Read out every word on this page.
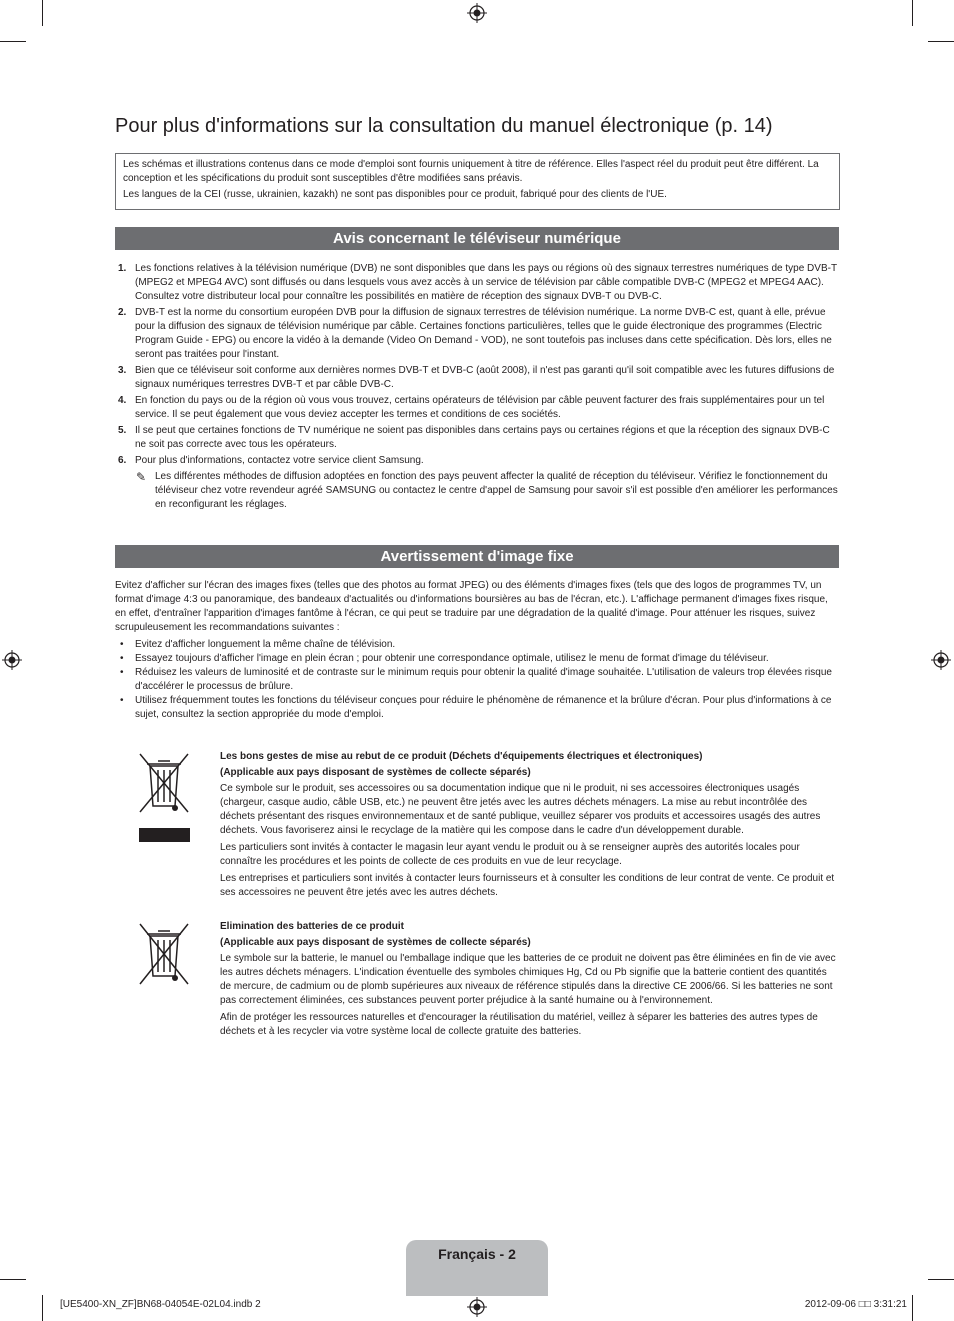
Pour plus d'informations sur la consultation du manuel électronique (p. 14)

Les schémas et illustrations contenus dans ce mode d'emploi sont fournis uniquement à titre de référence. Elles l'aspect réel du produit peut être différent. La conception et les spécifications du produit sont susceptibles d'être modifiées sans préavis.

Les langues de la CEI (russe, ukrainien, kazakh) ne sont pas disponibles pour ce produit, fabriqué pour des clients de l'UE.

Avis concernant le téléviseur numérique
1. Les fonctions relatives à la télévision numérique (DVB) ne sont disponibles que dans les pays ou régions où des signaux terrestres numériques de type DVB-T (MPEG2 et MPEG4 AVC) sont diffusés ou dans lesquels vous avez accès à un service de télévision par câble compatible DVB-C (MPEG2 et MPEG4 AAC). Consultez votre distributeur local pour connaître les possibilités en matière de réception des signaux DVB-T ou DVB-C.
2. DVB-T est la norme du consortium européen DVB pour la diffusion de signaux terrestres de télévision numérique. La norme DVB-C est, quant à elle, prévue pour la diffusion des signaux de télévision numérique par câble. Certaines fonctions particulières, telles que le guide électronique des programmes (Electric Program Guide - EPG) ou encore la vidéo à la demande (Video On Demand - VOD), ne sont toutefois pas incluses dans cette spécification. Dès lors, elles ne seront pas traitées pour l'instant.
3. Bien que ce téléviseur soit conforme aux dernières normes DVB-T et DVB-C (août 2008), il n'est pas garanti qu'il soit compatible avec les futures diffusions de signaux numériques terrestres DVB-T et par câble DVB-C.
4. En fonction du pays ou de la région où vous vous trouvez, certains opérateurs de télévision par câble peuvent facturer des frais supplémentaires pour un tel service. Il se peut également que vous deviez accepter les termes et conditions de ces sociétés.
5. Il se peut que certaines fonctions de TV numérique ne soient pas disponibles dans certains pays ou certaines régions et que la réception des signaux DVB-C ne soit pas correcte avec tous les opérateurs.
6. Pour plus d'informations, contactez votre service client Samsung.
✎ Les différentes méthodes de diffusion adoptées en fonction des pays peuvent affecter la qualité de réception du téléviseur. Vérifiez le fonctionnement du téléviseur chez votre revendeur agréé SAMSUNG ou contactez le centre d'appel de Samsung pour savoir s'il est possible d'en améliorer les performances en reconfigurant les réglages.
Avertissement d'image fixe

Evitez d'afficher sur l'écran des images fixes (telles que des photos au format JPEG) ou des éléments d'images fixes (tels que des logos de programmes TV, un format d'image 4:3 ou panoramique, des bandeaux d'actualités ou d'informations boursières au bas de l'écran, etc.). L'affichage permanent d'images fixes risque, en effet, d'entraîner l'apparition d'images fantôme à l'écran, ce qui peut se traduire par une dégradation de la qualité d'image. Pour atténuer les risques, suivez scrupuleusement les recommandations suivantes :

• Evitez d'afficher longuement la même chaîne de télévision.
• Essayez toujours d'afficher l'image en plein écran ; pour obtenir une correspondance optimale, utilisez le menu de format d'image du téléviseur.
• Réduisez les valeurs de luminosité et de contraste sur le minimum requis pour obtenir la qualité d'image souhaitée. L'utilisation de valeurs trop élevées risque d'accélérer le processus de brûlure.
• Utilisez fréquemment toutes les fonctions du téléviseur conçues pour réduire le phénomène de rémanence et la brûlure d'écran. Pour plus d'informations à ce sujet, consultez la section appropriée du mode d'emploi.

Les bons gestes de mise au rebut de ce produit (Déchets d'équipements électriques et électroniques)

(Applicable aux pays disposant de systèmes de collecte séparés)

Ce symbole sur le produit, ses accessoires ou sa documentation indique que ni le produit, ni ses accessoires électroniques usagés (chargeur, casque audio, câble USB, etc.) ne peuvent être jetés avec les autres déchets ménagers. La mise au rebut incontrôlée des déchets présentant des risques environnementaux et de santé publique, veuillez séparer vos produits et accessoires usagés des autres déchets. Vous favoriserez ainsi le recyclage de la matière qui les compose dans le cadre d'un développement durable.

Les particuliers sont invités à contacter le magasin leur ayant vendu le produit ou à se renseigner auprès des autorités locales pour connaître les procédures et les points de collecte de ces produits en vue de leur recyclage.

Les entreprises et particuliers sont invités à contacter leurs fournisseurs et à consulter les conditions de leur contrat de vente. Ce produit et ses accessoires ne peuvent être jetés avec les autres déchets.

Elimination des batteries de ce produit

(Applicable aux pays disposant de systèmes de collecte séparés)

Le symbole sur la batterie, le manuel ou l'emballage indique que les batteries de ce produit ne doivent pas être éliminées en fin de vie avec les autres déchets ménagers. L'indication éventuelle des symboles chimiques Hg, Cd ou Pb signifie que la batterie contient des quantités de mercure, de cadmium ou de plomb supérieures aux niveaux de référence stipulés dans la directive CE 2006/66. Si les batteries ne sont pas correctement éliminées, ces substances peuvent porter préjudice à la santé humaine ou à l'environnement.

Afin de protéger les ressources naturelles et d'encourager la réutilisation du matériel, veillez à séparer les batteries des autres types de déchets et à les recycler via votre système local de collecte gratuite des batteries.

Français - 2
[UE5400-XN_ZF]BN68-04054E-02L04.indb 2	2012-09-06 □□ 3:31:21
